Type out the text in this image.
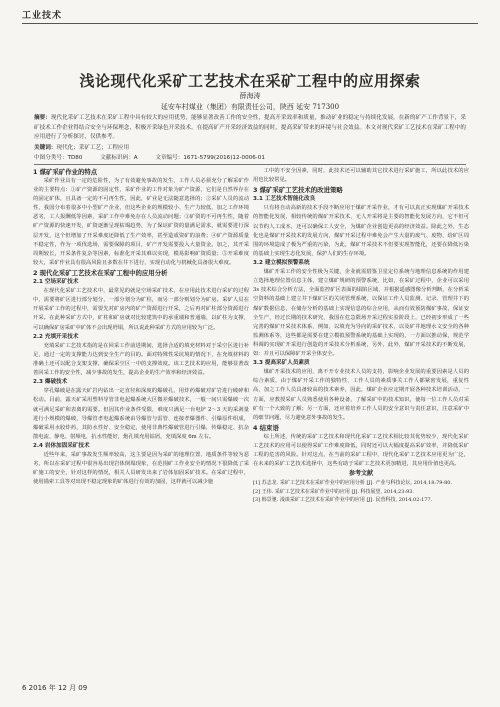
工业技术
浅论现代化采矿工艺技术在采矿工程中的应用探索
薛海涛
延安车村煤业（集团）有限责任公司，陕西 延安 717300
摘要：现代化采矿工艺技术在采矿工程中具有较大的应用优势，能够显著改善工作的安全性，提高开采效率和质量，推动矿业的稳定与持续化发展。在新的矿产工作背景下，采矿技术工作企业得结合安全与环保理念，积极开采绿色开采技术。在提高矿产开采经济效益的同时，提高采矿带来的环境与社会效益。本文对现代采矿工艺技术在采矿工程中的应用进行了分析探讨，仅供参考。
关键词：现代化；采矿工艺；工程应用
中图分类号：TD80	文献标识码：A	文章编号：1671-5799(2016)12-0006-01
1 煤矿采矿作业的特点

采矿作业具有一定的危险性，为了有效避免事故的发生，工作人员必须充分了解采矿作业的主要特点：①矿产资源的固定性，采矿作业的工作对象为矿产资源，它们是自然界存在的固定矿体，且具备一定的不可再生性，因此，矿业是无法随意选择的；②采矿人员的流动性，我国分布着很多中小型矿产企业，但这些企业的规模较小、生产力较低，加之工作环境恶劣，工人报酬低等因素，采矿工作中难免存在人员流动问题；③矿资的不可再生性，随着矿产资源的快速开发，矿资逐渐呈现枯竭趋势，为了保证矿资的量满足需求，就需要进行深层开发，这个但增加了开采难度还降低了生产效率，甚至造成资矿的浪费；④矿产资源质量不稳定性，作为一项伐选场，需要保障的项目，矿产开发需要投入大量资金。加之，其开采周期较长，开采条件复杂等因素，标准化开采其难以实现，模易影响矿资质量；⑤开采难度较大，采矿作业具有很高风险且多数在井下进行，实现自动化与机械化具备很大难度。

2 现代化采矿工艺技术在采矿工程中的应用分析
2.1 空场采矿技术

在现代化采矿工艺技术中，最常见的就是空场采矿技术，在应用此技术进行采矿的过程中，需要将矿区进行部分划分，一部分划分为矿柱，而另一部分则划分为矿房。采矿人员在开展采矿工作的过程中，需要先对矿房内的矿产资源进行开采，之后再对矿柱部分资源进行开采。在此种采矿方式中，矿柱和矿房就对比较建筑中的承重墙和普通墙，以矿柱为支撑，可以确保矿房采矿中矿体不会出现坍塌，所以说此种采矿方式的应用较为广泛。

2.2 充填开采技术

充填采矿工艺技术指的是在回采工作前进期间，选择合适的填充材料对于采空区进行补足，通过一定的支撑能力达到安全生产的目的。面对特殊性采坑境的情况下，在充填材料的准确上还可以配合支架支撑，确保采空区一中的支撑效度。该工艺技术的应用，能够显著改善回采工作的安全性，减少事故的发生，提高企业的生产效率和经济效益。

2.3 爆破技术

穿孔爆破是在露天矿岩内钻出一定直径和深度的爆破孔，用炸药爆破对矿岩进行破碎和松动。目前，露天矿采用塑料导管非电起爆系统大区微差爆破技术，一般一间只需爆破一次就可满足采矿和表离的需要。但因其作业条件受限，难度只满足一台电铲 2～3 天的采剥量进行小规模的爆破，导爆管孝电起爆系统由导爆管与雷管、连接孝爆器件、引爆原件组成，爆破采用水胶炸药，其防水性好、安全稳定，使用非典性爆破管进行引爆，传爆稳定、抗杂散电流、静电、射频电，抗水性能好，炮孔填充用钻屑，充填深度 6m 左右。

2.4 岩体加固采矿技术

近些年来，采矿事故发生频率较高，这主要是因为采矿的地理位置、地质条件等较为恶劣，所以在采矿过程中很容易出现岩体倒塌现象，在范围矿工作业安全的情况下很降低了采矿施工的安全，针对这样的情况，相关人员研发出来了岩体加固采矿技术。在采矿过程中，使用锚索工具等对出现不稳定现象的矿体进行有效的加固，这样就可以减少施

工中的不安全因素，同时，此技术还可以辅助其它技术进行采矿施工，所以此技术的应用也比较常见。

3 煤矿采矿工艺技术的改进策略
3.1 工艺技术智能化改良

只有将自动高新的技术手段不断应用于煤矿开采作业，才有可以真正实现煤矿开采技术的智能化发展，相较传统的煤矿开采技术，无人开采将是主要的智能化发展方向，它不但可以节约人工成本，还可以确保工人安全，为煤矿企业创造更高的经济效益。除此之外，生态化也是煤矿开采技术的发展方向，煤矿开采过程中难免会产生大量的废气、废物，给矿区周围的环境造成了极为严重的污染，为此，煤矿开采技术不但要实现智能化，还要在降低污染的基础上实现生态化发展，保护人们的生存环境。

3.2 建立模拟预警系统

煤矿开采工作的安全性极为关键，企业就需借鉴卫星定位系统与地理信息系统的作用建立选择地理位置信息主体，建立煤矿规研的预警系统，比如，在采矿过程中，企业可以采用 3s 技术综合分析方法，全面监控矿区表面的塌陷区域，并根据遥感图像分析判断，在分析采空资料的基础上建立井下煤矿区的关闭管理系统，以保证工作人员监测、记录、管理井下的煤矿数据信息，在储存分析的基础上实现信息的综合应用，从而有效预防煤矿事故，保证安全生产，经过长期的技术研究，我国在危急限场开采过程实验阶段上，已经初步形成了一些完善的煤矿开采技术体系，例如，以填充为导向的采矿技术，以及矿井地理水文安全的各种监测体系等，这些都是需要在建立模拟预警系统的基础上实现的，一方面以推动保，规范学科调的实现矿开采进行创造的开采技术分析系统，另外，此外，煤矿开采技术的不断发展，如：并且可以保障矿开采全体安全。

3.3 提高采矿人员素质

煤矿开采技术的应用，离不开专业技术人员的支持，影响企业发展的重要因素是人员的综合素质，由于煤矿开采工作的独特性，工作人员的素质事关工作人都紧密发展，重复性高，加之工作人员具备较高的技术素养，因此，煤矿企业应定期开展各种技术培训活动，一方面，应教授采矿人员熟悉使用各种设备，了解采矿中的技术知识，使每一位工作人员对采矿有一个大致的了解；另一方面，还应着培养工作人员的安全意识与责任意识，注意采矿中的细节问题，尽力避免意外事故的发生。

4 结束语

综上所述，传统的采矿工艺技术和现代化采矿工艺技术相比较其优势较少，现代化采矿工艺技术的应用可以使得采矿工作难度降低，同时还可以大幅度提高采矿效率，并降低采矿工程的危害的风险。针对这点，在当前的采矿工程中，现代化采矿工艺技术应用更为广泛，在未来的采矿工艺技术选择中，这些有助于采矿工艺技术更加精进，其应用价值也更高。

参考文献

[1] 苏志龙. 采矿工艺技术在采矿作业中的应用分析 [J]. 产业与科技论坛, 2014,18:79-80.

[2] 王伟. 采矿工艺技术在采矿作业中的应用 [J]. 科技展望, 2014,23:93.

[3] 韩景驰. 浅谈采矿工艺技术在采矿作业中的应用 [J]. 民营科技, 2014,02:177.

6 2016 年 12 月 09
